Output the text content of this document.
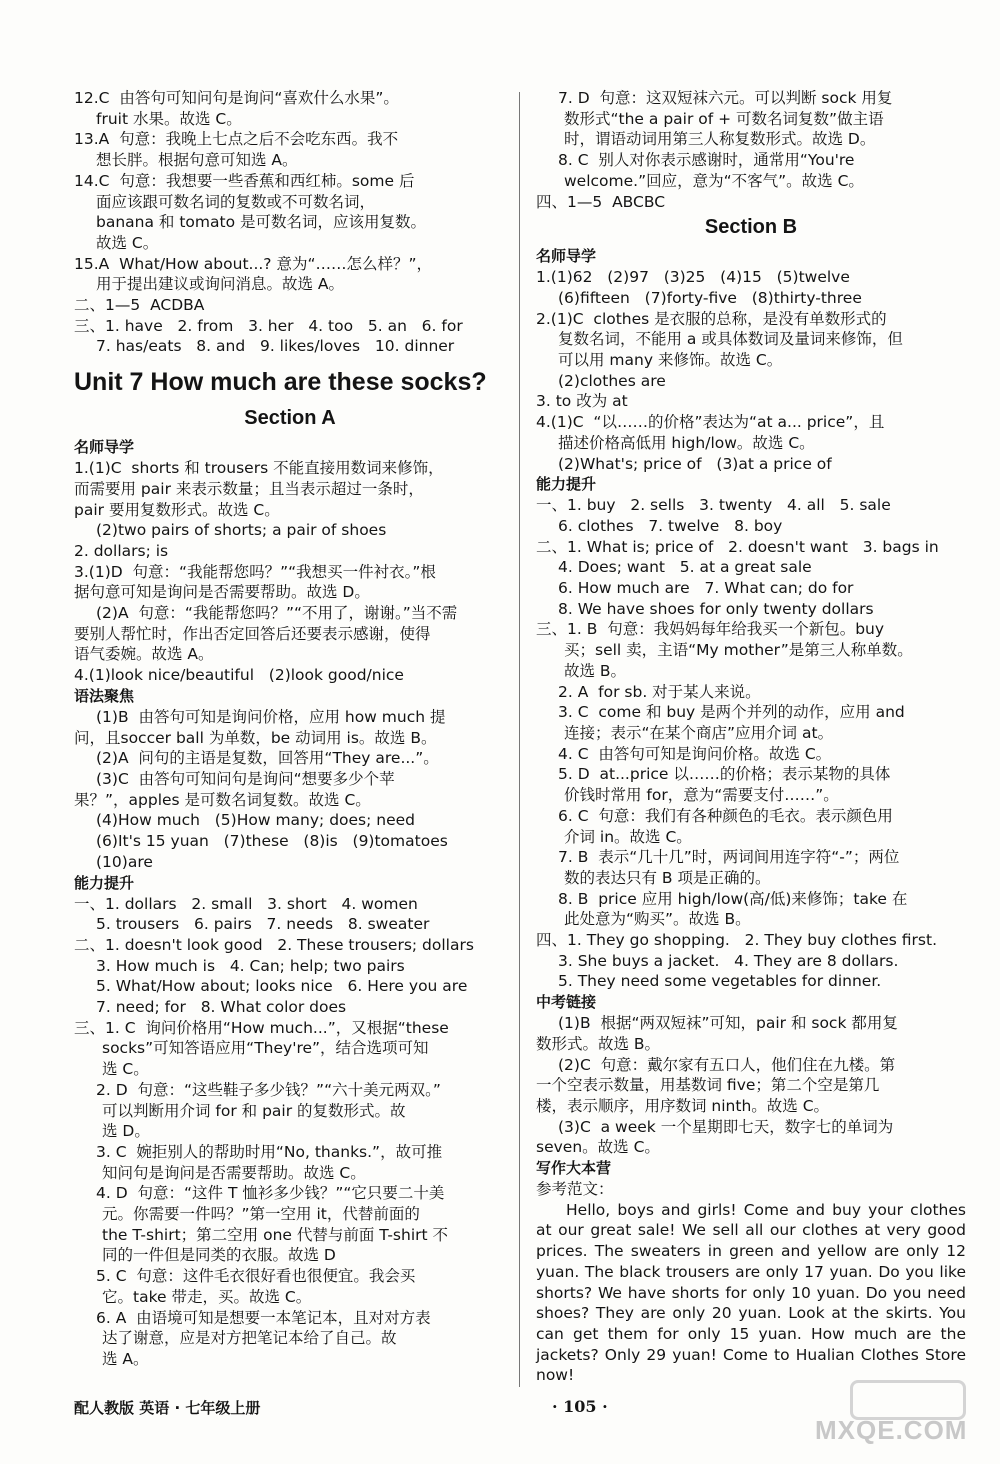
12.C  由答句可知问句是询问“喜欢什么水果”。
fruit 水果。故选 C。
13.A  句意：我晚上七点之后不会吃东西。我不
想长胖。根据句意可知选 A。
14.C  句意：我想要一些香蕉和西红柿。some 后
面应该跟可数名词的复数或不可数名词，
banana 和 tomato 是可数名词，应该用复数。
故选 C。
15.A  What/How about...? 意为“……怎么样？”，
用于提出建议或询问消息。故选 A。
二、1—5  ACDBA
三、1. have   2. from   3. her   4. too   5. an   6. for
7. has/eats   8. and   9. likes/loves   10. dinner
Unit 7 How much are these socks?
Section A
名师导学
1.(1)C  shorts 和 trousers 不能直接用数词来修饰，
而需要用 pair 来表示数量；且当表示超过一条时，
pair 要用复数形式。故选 C。
(2)two pairs of shorts; a pair of shoes
2. dollars; is
3.(1)D  句意：“我能帮您吗？”“我想买一件衬衣。”根
据句意可知是询问是否需要帮助。故选 D。
(2)A  句意：“我能帮您吗？”“不用了，谢谢。”当不需
要别人帮忙时，作出否定回答后还要表示感谢，使得
语气委婉。故选 A。
4.(1)look nice/beautiful   (2)look good/nice
语法聚焦
(1)B  由答句可知是询问价格，应用 how much 提
问，且soccer ball 为单数，be 动词用 is。故选 B。
(2)A  问句的主语是复数，回答用“They are...”。
(3)C  由答句可知问句是询问“想要多少个苹
果？”，apples 是可数名词复数。故选 C。
(4)How much   (5)How many; does; need
(6)It's 15 yuan   (7)these   (8)is   (9)tomatoes
(10)are
能力提升
一、1. dollars   2. small   3. short   4. women
5. trousers   6. pairs   7. needs   8. sweater
二、1. doesn't look good   2. These trousers; dollars
3. How much is   4. Can; help; two pairs
5. What/How about; looks nice   6. Here you are
7. need; for   8. What color does
三、1. C  询问价格用“How much...”，又根据“these
socks”可知答语应用“They're”，结合选项可知
选 C。
2. D  句意：“这些鞋子多少钱？”“六十美元两双。”
可以判断用介词 for 和 pair 的复数形式。故
选 D。
3. C  婉拒别人的帮助时用“No, thanks.”，故可推
知问句是询问是否需要帮助。故选 C。
4. D  句意：“这件 T 恤衫多少钱？”“它只要二十美
元。你需要一件吗？”第一空用 it，代替前面的
the T-shirt；第二空用 one 代替与前面 T-shirt 不
同的一件但是同类的衣服。故选 D
5. C  句意：这件毛衣很好看也很便宜。我会买
它。take 带走，买。故选 C。
6. A  由语境可知是想要一本笔记本，且对对方表
达了谢意，应是对方把笔记本给了自己。故
选 A。
7. D  句意：这双短袜六元。可以判断 sock 用复
数形式“the a pair of + 可数名词复数”做主语
时，谓语动词用第三人称复数形式。故选 D。
8. C  别人对你表示感谢时，通常用“You're
welcome.”回应，意为“不客气”。故选 C。
四、1—5  ABCBC
Section B
名师导学
1.(1)62   (2)97   (3)25   (4)15   (5)twelve
(6)fifteen   (7)forty-five   (8)thirty-three
2.(1)C  clothes 是衣服的总称，是没有单数形式的
复数名词，不能用 a 或具体数词及量词来修饰，但
可以用 many 来修饰。故选 C。
(2)clothes are
3. to 改为 at
4.(1)C  “以……的价格”表达为“at a... price”，且
描述价格高低用 high/low。故选 C。
(2)What's; price of   (3)at a price of
能力提升
一、1. buy   2. sells   3. twenty   4. all   5. sale
6. clothes   7. twelve   8. boy
二、1. What is; price of   2. doesn't want   3. bags in
4. Does; want   5. at a great sale
6. How much are   7. What can; do for
8. We have shoes for only twenty dollars
三、1. B  句意：我妈妈每年给我买一个新包。buy
买；sell 卖，主语“My mother”是第三人称单数。
故选 B。
2. A  for sb. 对于某人来说。
3. C  come 和 buy 是两个并列的动作，应用 and
连接；表示“在某个商店”应用介词 at。
4. C  由答句可知是询问价格。故选 C。
5. D  at...price 以……的价格；表示某物的具体
价钱时常用 for，意为“需要支付……”。
6. C  句意：我们有各种颜色的毛衣。表示颜色用
介词 in。故选 C。
7. B  表示“几十几”时，两词间用连字符“-”；两位
数的表达只有 B 项是正确的。
8. B  price 应用 high/low(高/低)来修饰；take 在
此处意为“购买”。故选 B。
四、1. They go shopping.   2. They buy clothes first.
3. She buys a jacket.   4. They are 8 dollars.
5. They need some vegetables for dinner.
中考链接
(1)B  根据“两双短袜”可知，pair 和 sock 都用复
数形式。故选 B。
(2)C  句意：戴尔家有五口人，他们住在九楼。第
一个空表示数量，用基数词 five；第二个空是第几
楼，表示顺序，用序数词 ninth。故选 C。
(3)C  a week 一个星期即七天，数字七的单词为
seven。故选 C。
写作大本营
参考范文：

Hello, boys and girls! Come and buy your clothes at our great sale! We sell all our clothes at very good prices. The sweaters in green and yellow are only 12 yuan. The black trousers are only 17 yuan. Do you like shorts? We have shorts for only 10 yuan. Do you need shoes? They are only 20 yuan. Look at the skirts. You can get them for only 15 yuan. How much are the jackets? Only 29 yuan! Come to Hualian Clothes Store now!

配人教版 英语 · 七年级上册	· 105 ·
MXQE.COM
